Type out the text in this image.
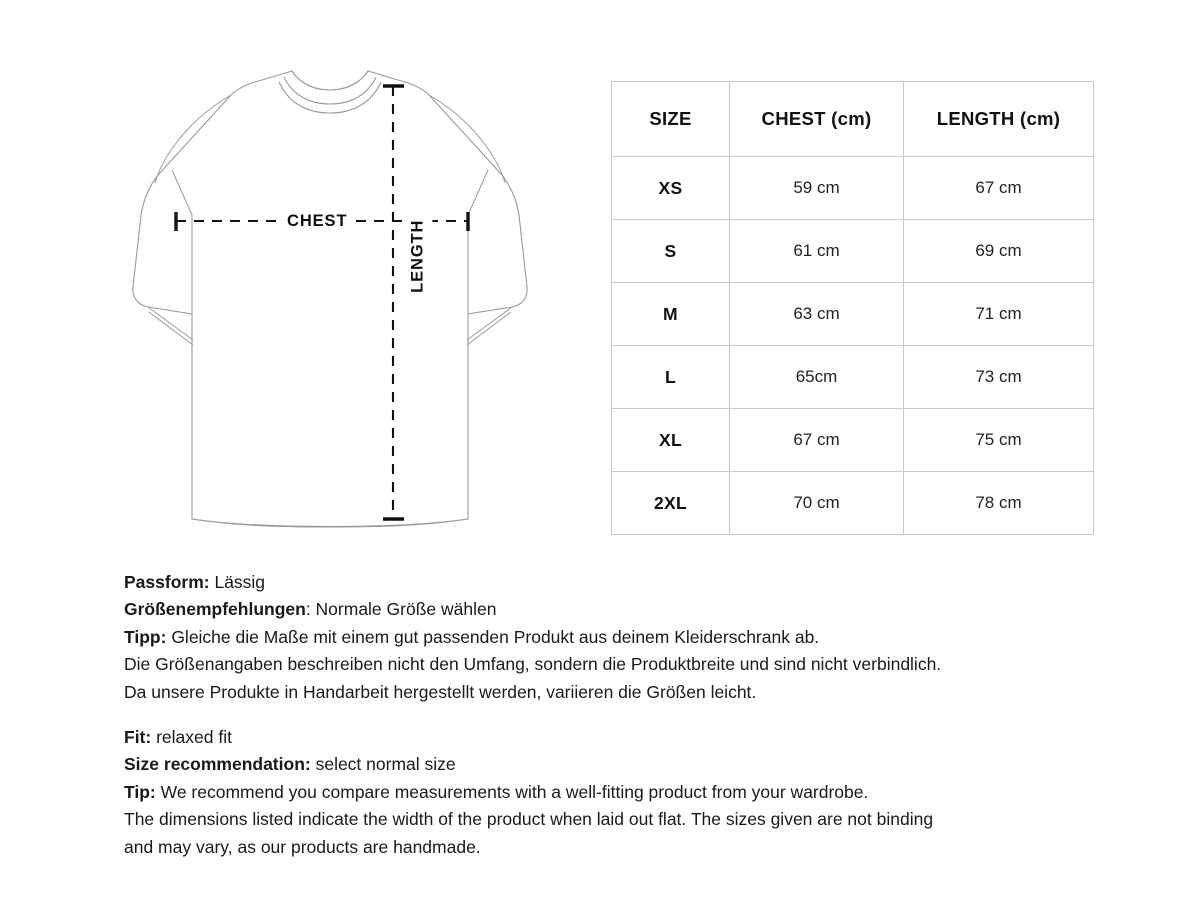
CHEST	LENGTH
SIZE	CHEST (cm)	LENGTH (cm)
XS	59 cm	67 cm
S	61 cm	69 cm
M	63 cm	71 cm
L	65cm	73 cm
XL	67 cm	75 cm
2XL	70 cm	78 cm

Passform: Lässig

Größenempfehlungen: Normale Größe wählen

Tipp: Gleiche die Maße mit einem gut passenden Produkt aus deinem Kleiderschrank ab.

Die Größenangaben beschreiben nicht den Umfang, sondern die Produktbreite und sind nicht verbindlich.

Da unsere Produkte in Handarbeit hergestellt werden, variieren die Größen leicht.

Fit: relaxed fit

Size recommendation: select normal size

Tip: We recommend you compare measurements with a well-fitting product from your wardrobe.

The dimensions listed indicate the width of the product when laid out flat. The sizes given are not binding

and may vary, as our products are handmade.
